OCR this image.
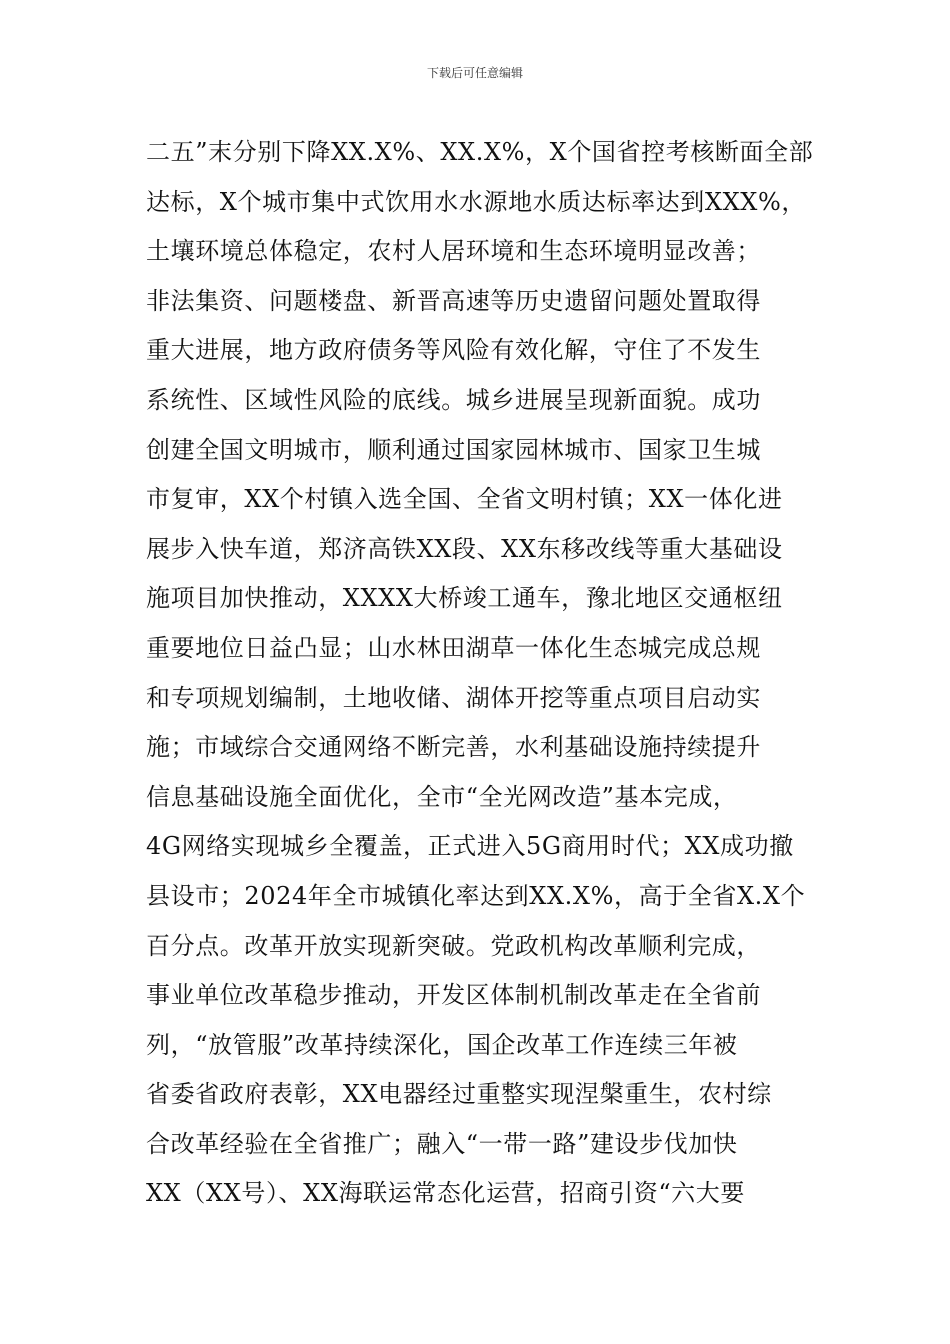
下载后可任意编辑
二五”末分别下降XX.X%、XX.X%，X个国省控考核断面全部
达标，X个城市集中式饮用水水源地水质达标率达到XXX%，
土壤环境总体稳定，农村人居环境和生态环境明显改善；
非法集资、问题楼盘、新晋高速等历史遗留问题处置取得
重大进展，地方政府债务等风险有效化解，守住了不发生
系统性、区域性风险的底线。城乡进展呈现新面貌。成功
创建全国文明城市，顺利通过国家园林城市、国家卫生城
市复审，XX个村镇入选全国、全省文明村镇；XX一体化进
展步入快车道，郑济高铁XX段、XX东移改线等重大基础设
施项目加快推动，XXXX大桥竣工通车，豫北地区交通枢纽
重要地位日益凸显；山水林田湖草一体化生态城完成总规
和专项规划编制，土地收储、湖体开挖等重点项目启动实
施；市域综合交通网络不断完善，水利基础设施持续提升
信息基础设施全面优化，全市“全光网改造”基本完成，
4G网络实现城乡全覆盖，正式进入5G商用时代；XX成功撤
县设市；2024年全市城镇化率达到XX.X%，高于全省X.X个
百分点。改革开放实现新突破。党政机构改革顺利完成，
事业单位改革稳步推动，开发区体制机制改革走在全省前
列，“放管服”改革持续深化，国企改革工作连续三年被
省委省政府表彰，XX电器经过重整实现涅槃重生，农村综
合改革经验在全省推广；融入“一带一路”建设步伐加快
XX（XX号）、XX海联运常态化运营，招商引资“六大要
